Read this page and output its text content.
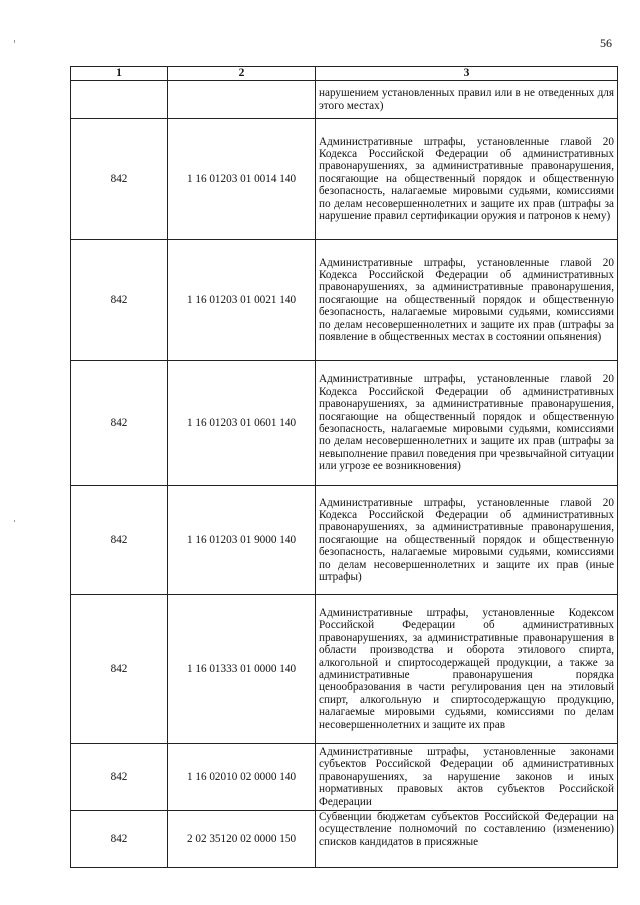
56
1	2	3
		нарушением установленных правил или в не отведенных для этого местах)
842	1 16 01203 01 0014 140	Административные штрафы, установленные главой 20 Кодекса Российской Федерации об административных правонарушениях, за административные правонарушения, посягающие на общественный порядок и общественную безопасность, налагаемые мировыми судьями, комиссиями по делам несовершеннолетних и защите их прав (штрафы за нарушение правил сертификации оружия и патронов к нему)
842	1 16 01203 01 0021 140	Административные штрафы, установленные главой 20 Кодекса Российской Федерации об административных правонарушениях, за административные правонарушения, посягающие на общественный порядок и общественную безопасность, налагаемые мировыми судьями, комиссиями по делам несовершеннолетних и защите их прав (штрафы за появление в общественных местах в состоянии опьянения)
842	1 16 01203 01 0601 140	Административные штрафы, установленные главой 20 Кодекса Российской Федерации об административных правонарушениях, за административные правонарушения, посягающие на общественный порядок и общественную безопасность, налагаемые мировыми судьями, комиссиями по делам несовершеннолетних и защите их прав (штрафы за невыполнение правил поведения при чрезвычайной ситуации или угрозе ее возникновения)
842	1 16 01203 01 9000 140	Административные штрафы, установленные главой 20 Кодекса Российской Федерации об административных правонарушениях, за административные правонарушения, посягающие на общественный порядок и общественную безопасность, налагаемые мировыми судьями, комиссиями по делам несовершеннолетних и защите их прав (иные штрафы)
842	1 16 01333 01 0000 140	Административные штрафы, установленные Кодексом Российской Федерации об административных правонарушениях, за административные правонарушения в области производства и оборота этилового спирта, алкогольной и спиртосодержащей продукции, а также за административные правонарушения порядка ценообразования в части регулирования цен на этиловый спирт, алкогольную и спиртосодержащую продукцию, налагаемые мировыми судьями, комиссиями по делам несовершеннолетних и защите их прав
842	1 16 02010 02 0000 140	Административные штрафы, установленные законами субъектов Российской Федерации об административных правонарушениях, за нарушение законов и иных нормативных правовых актов субъектов Российской Федерации
842	2 02 35120 02 0000 150	Субвенции бюджетам субъектов Российской Федерации на осуществление полномочий по составлению (изменению) списков кандидатов в присяжные
